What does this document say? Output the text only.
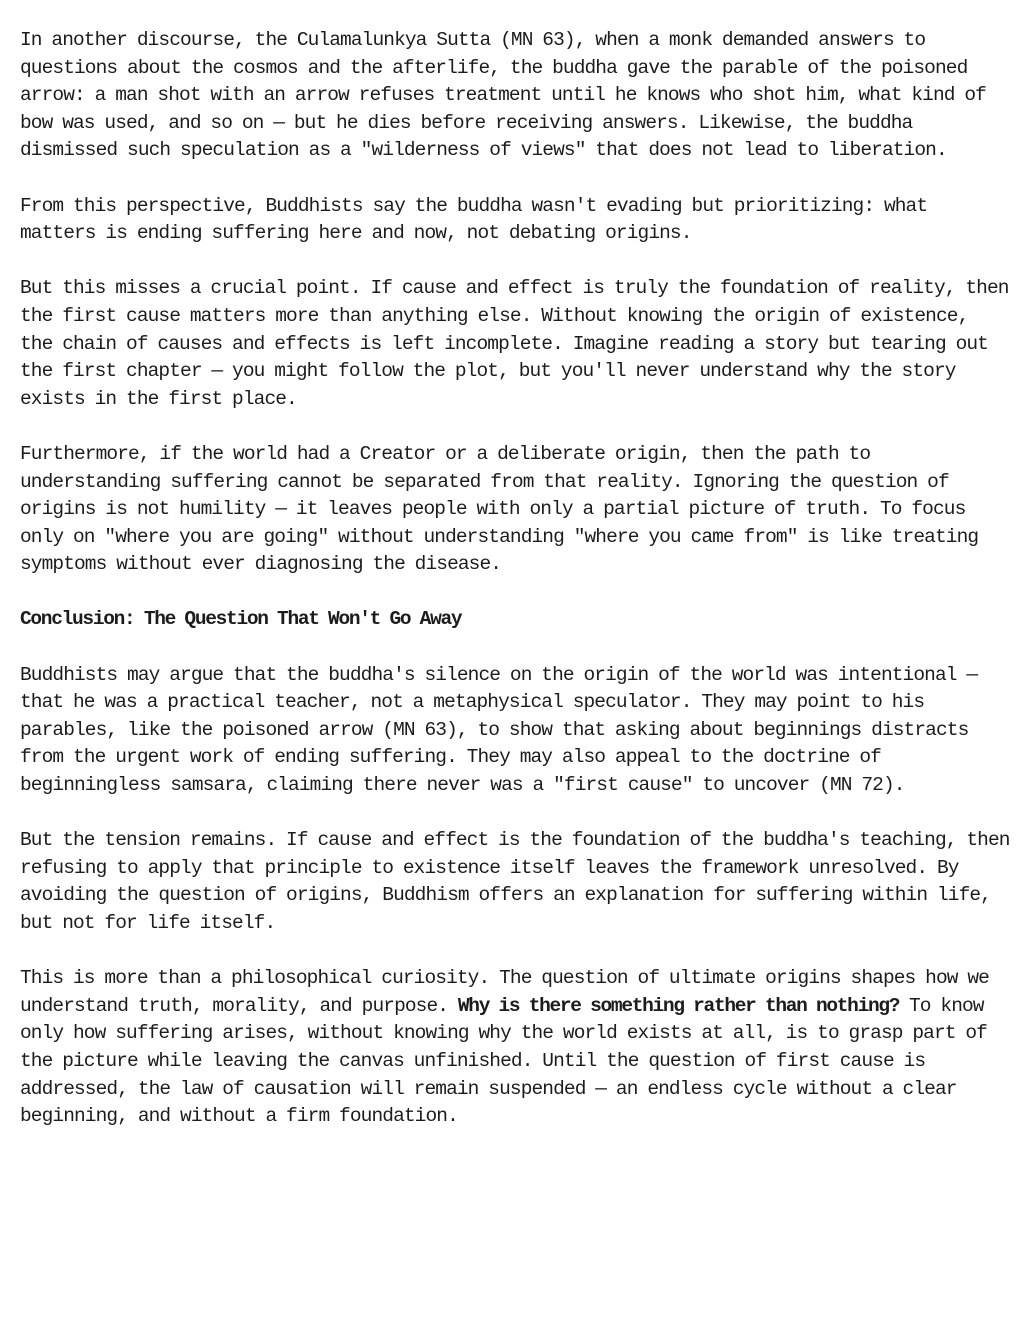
In another discourse, the Culamalunkya Sutta (MN 63), when a monk demanded answers to questions about the cosmos and the afterlife, the buddha gave the parable of the poisoned arrow: a man shot with an arrow refuses treatment until he knows who shot him, what kind of bow was used, and so on — but he dies before receiving answers. Likewise, the buddha dismissed such speculation as a "wilderness of views" that does not lead to liberation.

From this perspective, Buddhists say the buddha wasn't evading but prioritizing: what matters is ending suffering here and now, not debating origins.

But this misses a crucial point. If cause and effect is truly the foundation of reality, then the first cause matters more than anything else. Without knowing the origin of existence, the chain of causes and effects is left incomplete. Imagine reading a story but tearing out the first chapter — you might follow the plot, but you'll never understand why the story exists in the first place.

Furthermore, if the world had a Creator or a deliberate origin, then the path to understanding suffering cannot be separated from that reality. Ignoring the question of origins is not humility — it leaves people with only a partial picture of truth. To focus only on "where you are going" without understanding "where you came from" is like treating symptoms without ever diagnosing the disease.

Conclusion: The Question That Won't Go Away

Buddhists may argue that the buddha's silence on the origin of the world was intentional — that he was a practical teacher, not a metaphysical speculator. They may point to his parables, like the poisoned arrow (MN 63), to show that asking about beginnings distracts from the urgent work of ending suffering. They may also appeal to the doctrine of beginningless samsara, claiming there never was a "first cause" to uncover (MN 72).

But the tension remains. If cause and effect is the foundation of the buddha's teaching, then refusing to apply that principle to existence itself leaves the framework unresolved. By avoiding the question of origins, Buddhism offers an explanation for suffering within life, but not for life itself.

This is more than a philosophical curiosity. The question of ultimate origins shapes how we understand truth, morality, and purpose. Why is there something rather than nothing? To know only how suffering arises, without knowing why the world exists at all, is to grasp part of the picture while leaving the canvas unfinished. Until the question of first cause is addressed, the law of causation will remain suspended — an endless cycle without a clear beginning, and without a firm foundation.
